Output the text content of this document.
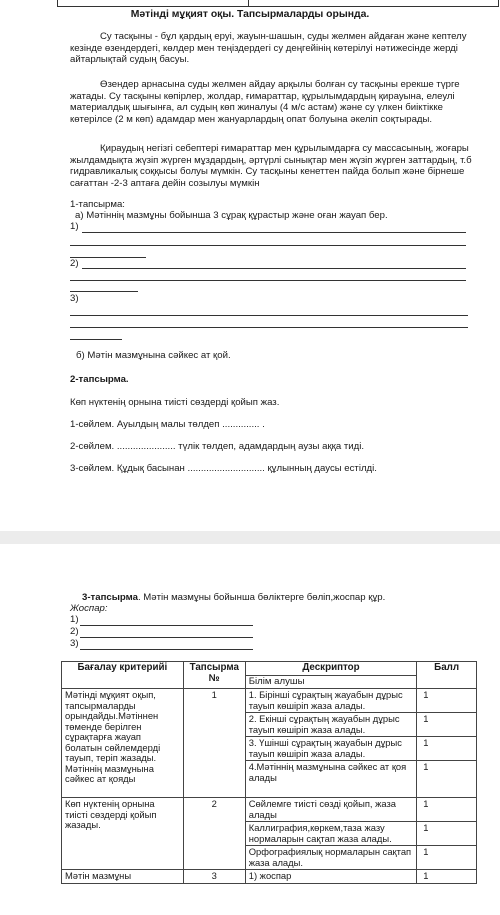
Мәтінді мұқият оқы. Тапсырмаларды орында.
Су тасқыны - бұл қардың еруі, жауын-шашын, суды желмен айдаған және кептелу кезінде өзендердегі, көлдер мен теңіздердегі су деңгейінің көтерілуі нәтижесінде жерді айтарлықтай судың басуы.
Өзендер арнасына суды желмен айдау арқылы болған су тасқыны ерекше түрге жатады. Су тасқыны көпірлер, жолдар, ғимараттар, құрылымдардың қирауына, елеулі материалдық шығынға, ал судың көп жиналуы (4 м/с астам) және су үлкен биіктікке көтерілсе (2 м көп) адамдар мен жануарлардың опат болуына әкеліп соқтырады.
Қираудың негізгі себептері ғимараттар мен құрылымдарға су массасының, жоғары жылдамдықта жүзіп жүрген мұздардың, әртүрлі сынықтар мен жүзіп жүрген заттардың, т.б гидравликалық соққысы болуы мүмкін. Су тасқыны кенеттен пайда болып және бірнеше сағаттан -2-3 аптаға дейін созылуы мүмкін
1-тапсырма:
а) Мәтіннің мазмұны бойынша 3 сұрақ құрастыр және оған жауап бер.
1)
2)
3)
б) Мәтін мазмұнына сәйкес ат қой.
2-тапсырма.
Көп нүктенің орнына тиісті сөздерді қойып жаз.
1-сөйлем. Ауылдың малы төлдеп .............. .
2-сөйлем. ...................... түлік төлдеп, адамдардың аузы аққа тиді.
3-сөйлем. Құдық басынан ............................. құлынның даусы естілді.
3-тапсырма. Мәтін мазмұны бойынша бөліктерге бөліп,жоспар құр.
Жоспар:
1)
2)
3)
Бағалау критерийі	Тапсырма №	Дескриптор	Балл
		Білім алушы	
Мәтінді мұқият оқып, тапсырмаларды орындайды.Мәтіннен төменде берілген сұрақтарға жауап болатын сөйлемдерді тауып, теріп жазады. Мәтіннің мазмұнына сәйкес ат қояды	1	1. Бірінші сұрақтың жауабын дұрыс тауып көшіріп жаза алады.	1
		2. Екінші сұрақтың жауабын дұрыс тауып көшіріп жаза алады.	1
		3. Үшінші сұрақтың жауабын дұрыс тауып көшіріп жаза алады.	1
		4.Мәтіннің мазмұнына сәйкес ат қоя алады	1
Көп нүктенің орнына тиісті сөздерді қойып жазады.	2	Сөйлемге тиісті сөзді қойып, жаза алады	1
		Каллиграфия,көркем,таза жазу нормаларын сақтап жаза алады.	1
		Орфографиялық нормаларын сақтап жаза алады.	1
Мәтін мазмұны	3	1) жоспар	1
